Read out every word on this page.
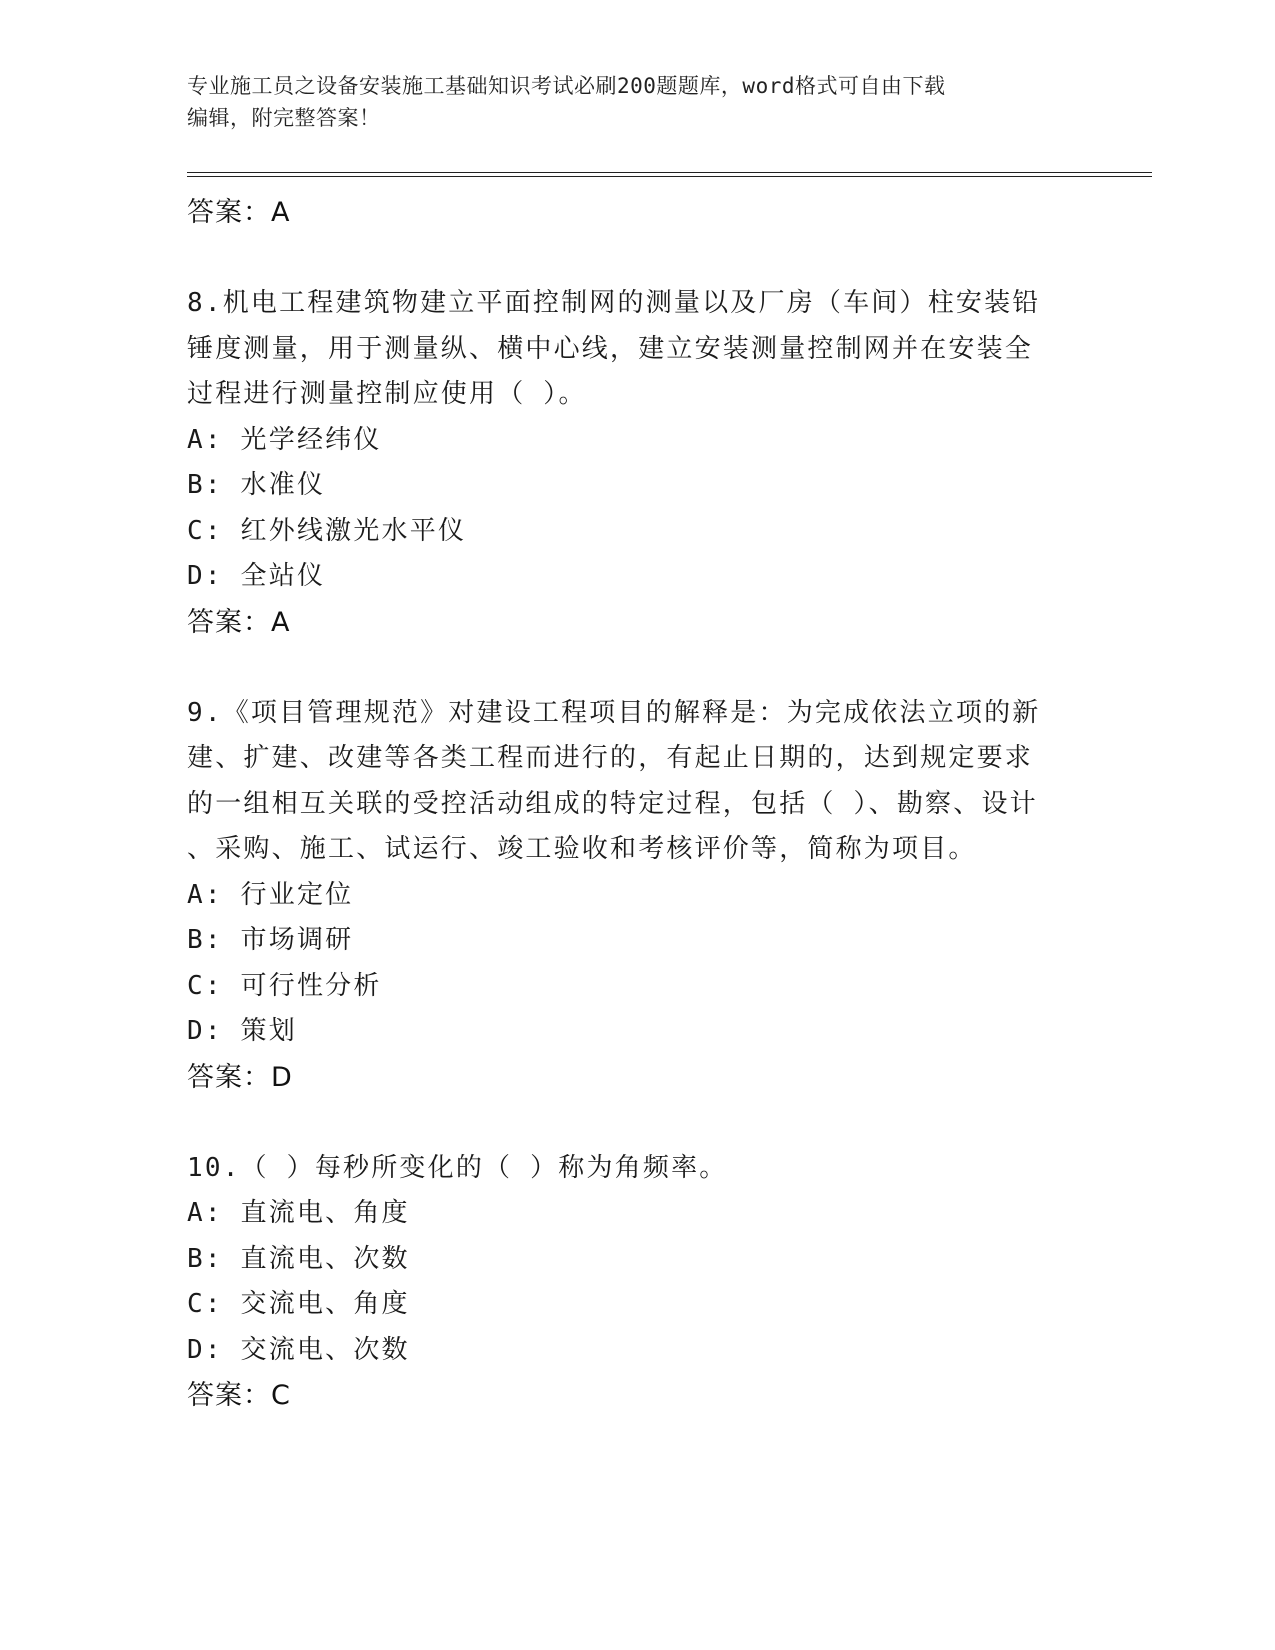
专业施工员之设备安装施工基础知识考试必刷200题题库，word格式可自由下载
编辑，附完整答案！
答案：A
8.机电工程建筑物建立平面控制网的测量以及厂房（车间）柱安装铅
锤度测量，用于测量纵、横中心线，建立安装测量控制网并在安装全
过程进行测量控制应使用（ ）。
A: 光学经纬仪
B: 水准仪
C: 红外线激光水平仪
D: 全站仪
答案：A
9.《项目管理规范》对建设工程项目的解释是：为完成依法立项的新
建、扩建、改建等各类工程而进行的，有起止日期的，达到规定要求
的一组相互关联的受控活动组成的特定过程，包括（ ）、勘察、设计
、采购、施工、试运行、竣工验收和考核评价等，简称为项目。
A: 行业定位
B: 市场调研
C: 可行性分析
D: 策划
答案：D
10.（ ）每秒所变化的（ ）称为角频率。
A: 直流电、角度
B: 直流电、次数
C: 交流电、角度
D: 交流电、次数
答案：C
